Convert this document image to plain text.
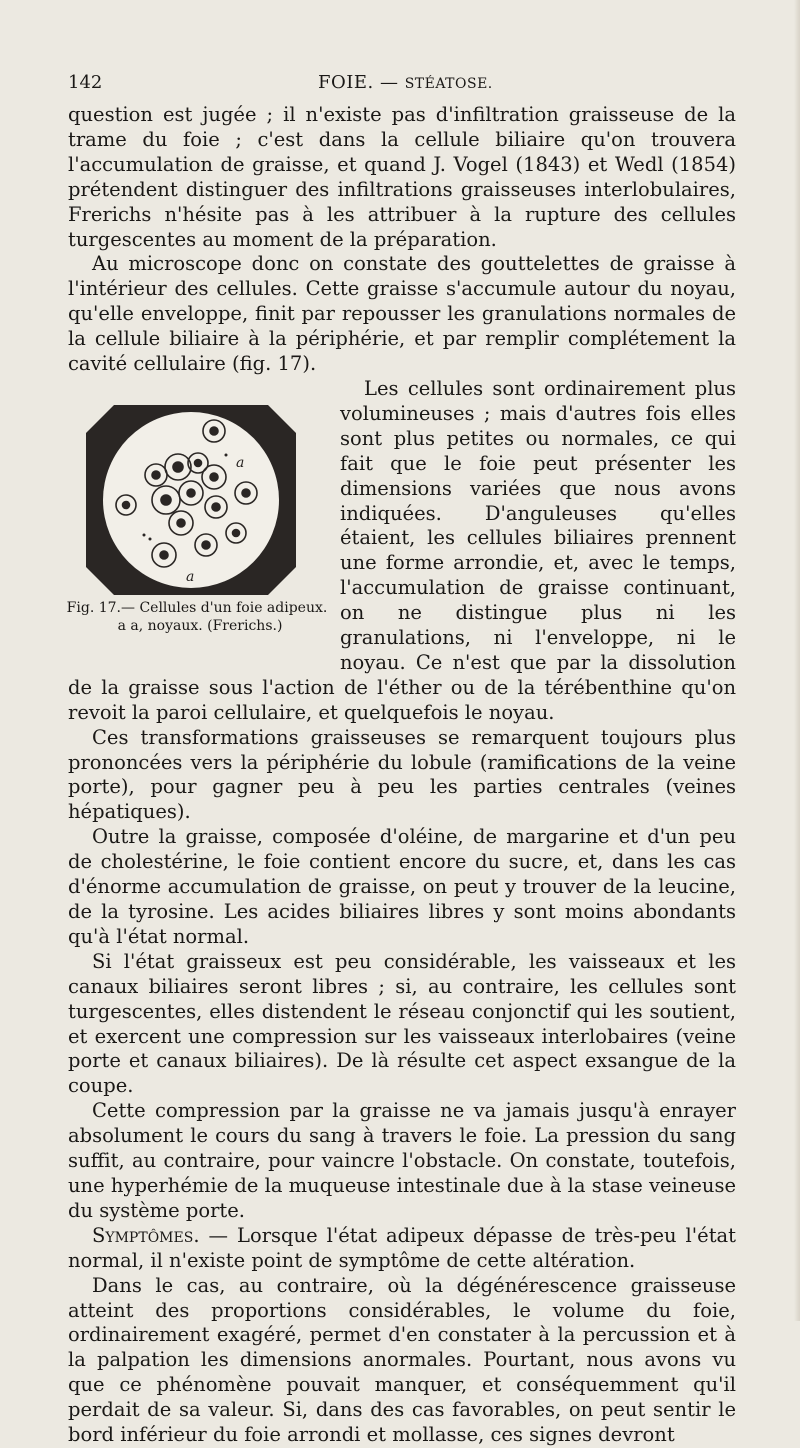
142	FOIE. — STÉATOSE.

question est jugée ; il n'existe pas d'infiltration graisseuse de la trame du foie ; c'est dans la cellule biliaire qu'on trouvera l'accumulation de graisse, et quand J. Vogel (1843) et Wedl (1854) prétendent distinguer des infiltrations graisseuses interlobulaires, Frerichs n'hésite pas à les attribuer à la rupture des cellules turgescentes au moment de la préparation.

Au microscope donc on constate des gouttelettes de graisse à l'intérieur des cellules. Cette graisse s'accumule autour du noyau, qu'elle enveloppe, finit par repousser les granulations normales de la cellule biliaire à la périphérie, et par remplir complétement la cavité cellulaire (fig. 17).

a
a
Fig. 17.— Cellules d'un foie adipeux.
a a, noyaux. (Frerichs.)
Les cellules sont ordinairement plus volumineuses ; mais d'autres fois elles sont plus petites ou normales, ce qui fait que le foie peut présenter les dimensions variées que nous avons indiquées. D'anguleuses qu'elles étaient, les cellules biliaires prennent une forme arrondie, et, avec le temps, l'accumulation de graisse continuant, on ne distingue plus ni les granulations, ni l'enveloppe, ni le noyau. Ce n'est que par la dissolution de la graisse sous l'action de l'éther ou de la térébenthine qu'on revoit la paroi cellulaire, et quelquefois le noyau.

Ces transformations graisseuses se remarquent toujours plus prononcées vers la périphérie du lobule (ramifications de la veine porte), pour gagner peu à peu les parties centrales (veines hépatiques).

Outre la graisse, composée d'oléine, de margarine et d'un peu de cholestérine, le foie contient encore du sucre, et, dans les cas d'énorme accumulation de graisse, on peut y trouver de la leucine, de la tyrosine. Les acides biliaires libres y sont moins abondants qu'à l'état normal.

Si l'état graisseux est peu considérable, les vaisseaux et les canaux biliaires seront libres ; si, au contraire, les cellules sont turgescentes, elles distendent le réseau conjonctif qui les soutient, et exercent une compression sur les vaisseaux interlobaires (veine porte et canaux biliaires). De là résulte cet aspect exsangue de la coupe.

Cette compression par la graisse ne va jamais jusqu'à enrayer absolument le cours du sang à travers le foie. La pression du sang suffit, au contraire, pour vaincre l'obstacle. On constate, toutefois, une hyperhémie de la muqueuse intestinale due à la stase veineuse du système porte.

Symptômes. — Lorsque l'état adipeux dépasse de très-peu l'état normal, il n'existe point de symptôme de cette altération.

Dans le cas, au contraire, où la dégénérescence graisseuse atteint des proportions considérables, le volume du foie, ordinairement exagéré, permet d'en constater à la percussion et à la palpation les dimensions anormales. Pourtant, nous avons vu que ce phénomène pouvait manquer, et conséquemment qu'il perdait de sa valeur. Si, dans des cas favorables, on peut sentir le bord inférieur du foie arrondi et mollasse, ces signes devront
